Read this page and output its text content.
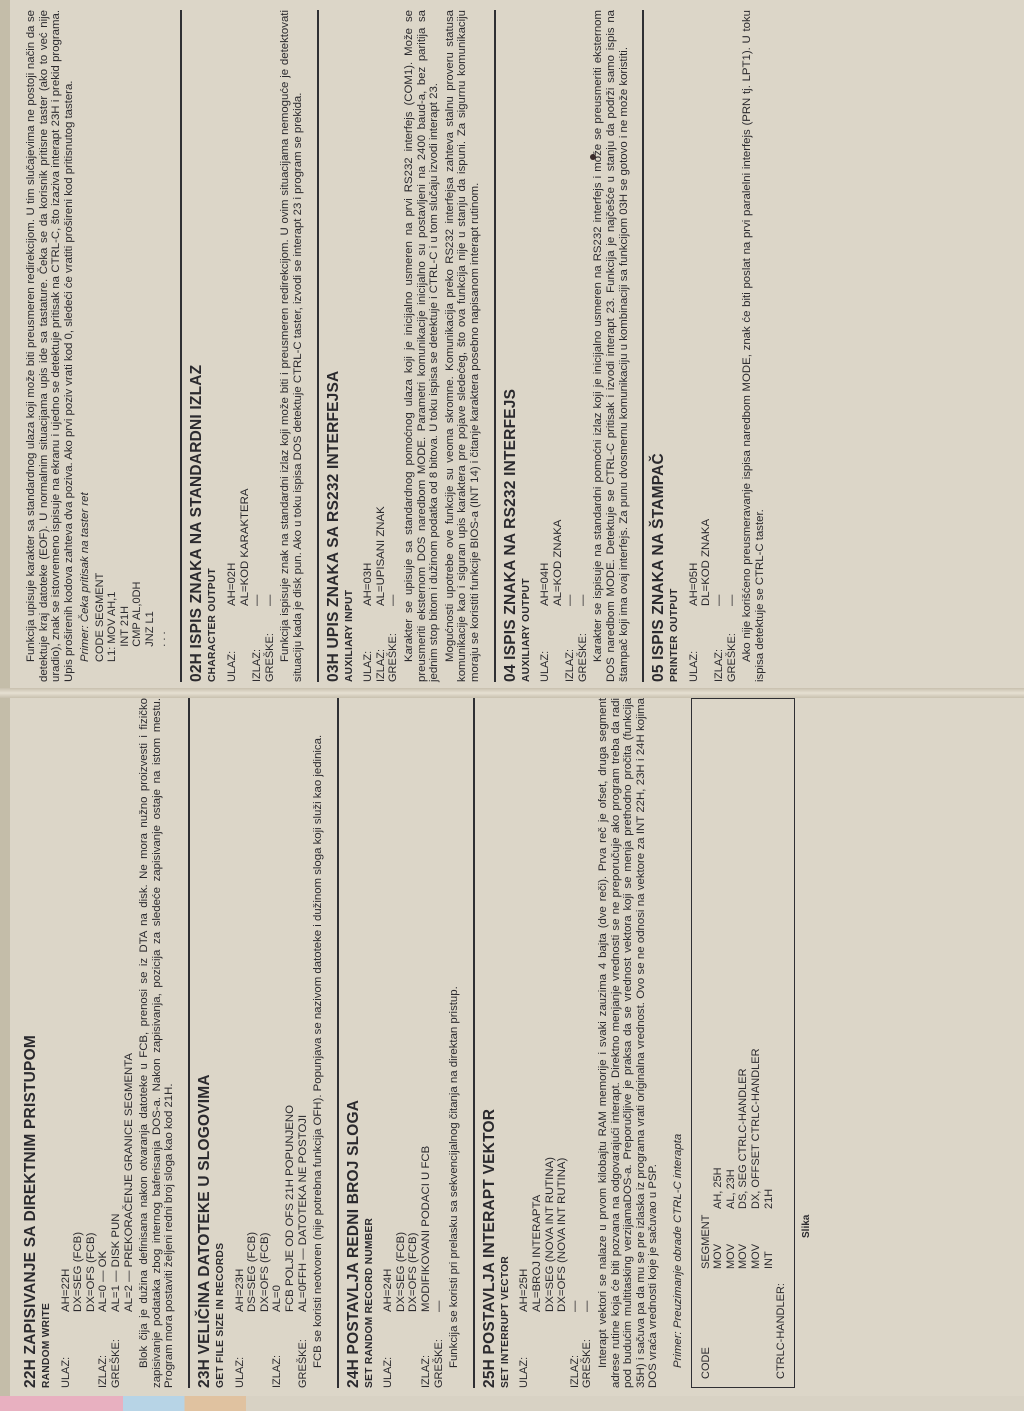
22H ZAPISIVANJE SA DIREKTNIM PRISTUPOM RANDOM WRITE ULAZ:
AH=22H DX=SEG (FCB) DX=OFS (FCB)
IZLAZ:
AL=0 — OK
GREŠKE:
AL=1 — DISK PUN AL=2 — PREKORAČENJE GRANICE SEGMENTA Blok čija je dužina definisana nakon otvaranja datoteke u FCB, prenosi se iz DTA na disk. Ne mora nužno proizvesti i fizičko zapisivanje podataka zbog internog baferisanja DOS-a. Nakon zapisivanja, pozicija za sledeće zapisivanje ostaje na istom mestu. Program mora postaviti željeni redni broj sloga kao kod 21H. 23H VELIČINA DATOTEKE U SLOGOVIMA GET FILE SIZE IN RECORDS ULAZ:
AH=23H DS=SEG (FCB) DX=OFS (FCB)
IZLAZ:
AL=0 FCB POLJE OD OFS 21H POPUNJENO
GREŠKE:
AL=0FFH — DATOTEKA NE POSTOJI FCB se koristi neotvoren (nije potrebna funkcija OFH). Popunjava se nazivom datoteke i dužinom sloga koji služi kao jedinica. 24H POSTAVLJA REDNI BROJ SLOGA SET RANDOM RECORD NUMBER ULAZ:
AH=24H DX=SEG (FCB) DX=OFS (FCB)
IZLAZ:
MODIFIKOVANI PODACI U FCB
GREŠKE:
— Funkcija se koristi pri prelasku sa sekvencijalnog čitanja na direktan pristup. 25H POSTAVLJA INTERAPT VEKTOR SET INTERRUPT VECTOR ULAZ:
AH=25H AL=BROJ INTERAPTA DX=SEG (NOVA INT RUTINA) DX=OFS (NOVA INT RUTINA)
IZLAZ:
—
GREŠKE:
— Interapt vektori se nalaze u prvom kilobajtu RAM memorije i svaki zauzima 4 bajta (dve reči). Prva reč je ofset, druga segment adrese rutine koja će biti pozvana na odgovarajući interapt. Direktno menjanje vrednosti se ne preporučuje ako program treba da radi pod budućim multitasking verzijamaDOS-a. Preporučljive je praksa da se vrednost vektora koji se menja prethodno pročita (funkcija 35H) i sačuva pa da mu se pre izlaska iz programa vrati originalna vrednost. Ovo se ne odnosi na vektore za INT 22H, 23H i 24H kojima DOS vraća vrednosti koje je sačuvao u PSP. Primer: Preuzimanje obrade CTRL-C interapta CODE
SEGMENT MOV
AH, 25H
MOV
AL, 23H
MOV
DS, SEG CTRLC-HANDLER
MOV
DX, OFFSET CTRLC-HANDLER
INT
21H
CTRLC-HANDLER:
Slika

Funkcija upisuje karakter sa standardnog ulaza koji može biti preusmeren redirekcijom. U tim slučajevima ne postoji način da se detektuje kraj datoteke (EOF). U normalnim situacijama upis ide sa tastature. Čeka se da korisnik pritisne taster (ako to već nije uradio), znak se istovremeno ispisuje na ekranu i ujedno se detektuje pritisak na CTRL-C, što izaziva interapt 23H i prekid programa. Upis proširenih kodova zahteva dva poziva. Ako prvi poziv vrati kod 0, sledeći će vratiti prošireni kod pritisnutog tastera. Primer: Čeka pritisak na taster ret CODE SEGMENT L1: MOV AH,1 INT 21H CMP AL,0DH JNZ L1 . . . 02H ISPIS ZNAKA NA STANDARDNI IZLAZ CHARACTER OUTPUT ULAZ:
AH=02H AL=KOD KARAKTERA
IZLAZ:
—
GREŠKE:
— Funkcija ispisuje znak na standardni izlaz koji može biti i preusmeren redirekcijom. U ovim situacijama nemoguće je detektovati situaciju kada je disk pun. Ako u toku ispisa DOS detektuje CTRL-C taster, izvodi se interapt 23 i program se prekida. 03H UPIS ZNAKA SA RS232 INTERFEJSA AUXILIARY INPUT ULAZ:
AH=03H
IZLAZ:
AL=UPISANI ZNAK
GREŠKE:
— Karakter se upisuje sa standardnog pomoćnog ulaza koji je inicijalno usmeren na prvi RS232 interfejs (COM1). Može se preusmeriti eksternom DOS naredbom MODE. Parametri komunikacije inicijalno su postavljeni na 2400 baud-a, bez paritija sa jednim stop bitom i dužinom podatka od 8 bitova. U toku ispisa se detektuje i CTRL-C i u tom slučaju izvodi interapt 23. Mogućnosti upotrebe ove funkcije su veoma skromne. Komunikacija preko RS232 interfejsa zahteva stalnu proveru statusa komunikacije kao i siguran upis karaktera pre pojave sledećeg, što ova funkcija nije u stanju da ispuni. Za sigurnu komunikaciju moraju se koristiti funkcije BIOS-a (INT 14) i čitanje karaktera posebno napisanom interapt rutinom. 04 ISPIS ZNAKA NA RS232 INTERFEJS AUXILIARY OUTPUT ULAZ:
AH=04H AL=KOD ZNAKA
IZLAZ:
—
GREŠKE:
— Karakter se ispisuje na standardni pomoćni izlaz koji je inicijalno usmeren na RS232 interfejs i može se preusmeriti eksternom DOS naredbom MODE. Detektuje se CTRL-C pritisak i izvodi interapt 23. Funkcija je najčešće u stanju da podrži samo ispis na štampač koji ima ovaj interfejs. Za punu dvosmernu komunikaciju u kombinaciji sa funkcijom 03H se gotovo i ne može koristiti. 05 ISPIS ZNAKA NA ŠTAMPAČ PRINTER OUTPUT ULAZ:
AH=05H DL=KOD ZNAKA
IZLAZ:
—
GREŠKE:
— Ako nije korišćeno preusmeravanje ispisa naredbom MODE, znak će biti poslat na prvi paralelni interfejs (PRN tj. LPT1). U toku ispisa detektuje se CTRL-C taster.
